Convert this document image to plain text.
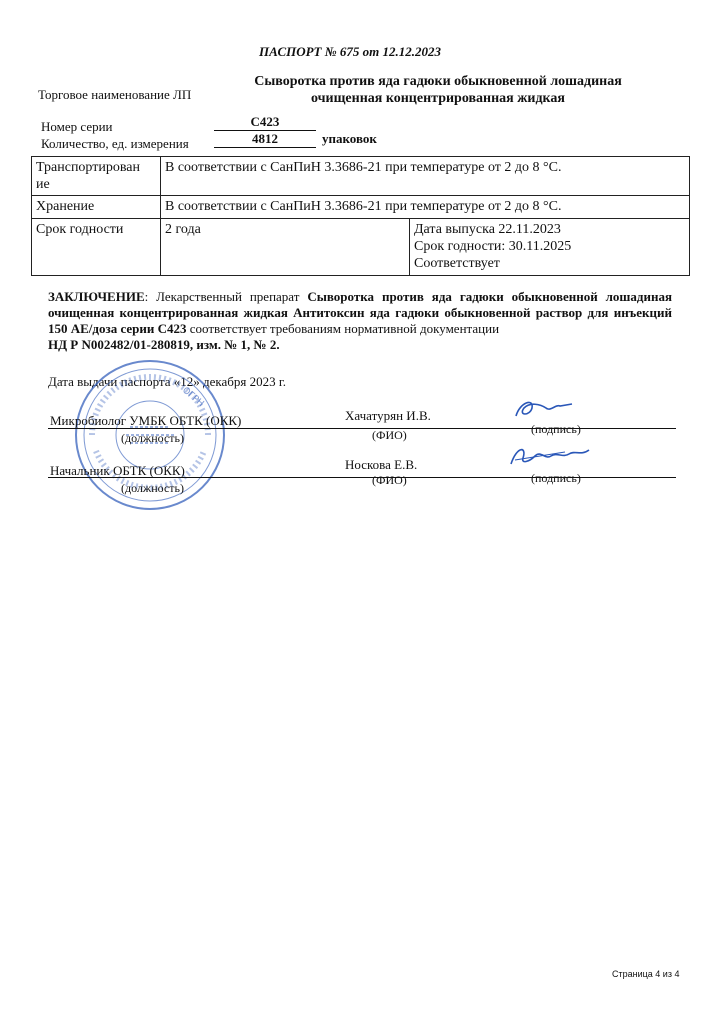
ПАСПОРТ № 675 от 12.12.2023
Торговое наименование ЛП
Сыворотка против яда гадюки обыкновенной лошадиная
очищенная концентрированная жидкая
Номер серии	С423
Количество, ед. измерения	4812	упаковок
Транспортирован
ие	В соответствии с СанПиН 3.3686-21 при температуре от 2 до 8 °С.	
Хранение	В соответствии с СанПиН 3.3686-21 при температуре от 2 до 8 °С.	
Срок годности	2 года	Дата выпуска 22.11.2023
Срок годности: 30.11.2025
Соответствует
ЗАКЛЮЧЕНИЕ: Лекарственный препарат Сыворотка против яда гадюки обыкновенной лошадиная очищенная концентрированная жидкая Антитоксин яда гадюки обыкновенной раствор для инъекций 150 АЕ/доза серии С423 соответствует требованиям нормативной документации
НД Р N002482/01-280819, изм. № 1, № 2.
Дата выдачи паспорта «12» декабря 2023 г.
ОГРН
Микробиолог УМБК ОБТК (ОКК)	Хачатурян И.В.
(должность)	(ФИО)	(подпись)
Начальник ОБТК (ОКК)	Носкова Е.В.
(должность)
(ФИО)	(подпись)
Страница 4 из 4
